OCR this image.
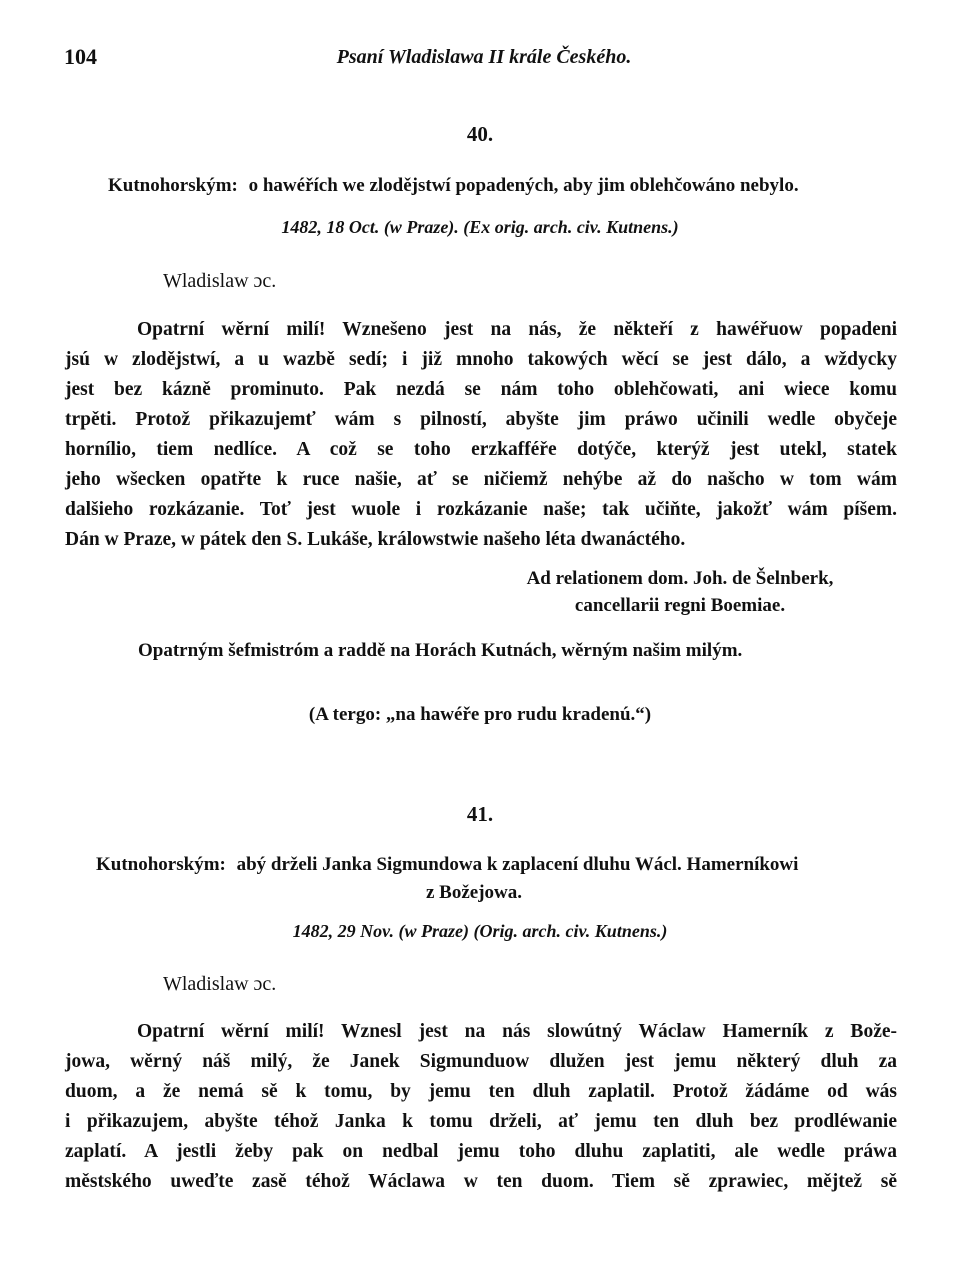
104	Psaní Wladislawa II krále Českého.
40.
Kutnohorským: o hawéřích we zlodějstwí popadených, aby jim oblehčowáno nebylo.
1482, 18 Oct. (w Praze). (Ex orig. arch. civ. Kutnens.)
Wladislaw ɔc.
Opatrní wěrní milí! Wznešeno jest na nás, že někteří z hawéřuow popadeni
jsú w zlodějstwí, a u wazbě sedí; i již mnoho takowých wěcí se jest dálo, a wždycky
jest bez kázně prominuto. Pak nezdá se nám toho oblehčowati, ani wiece komu
trpěti. Protož přikazujemť wám s pilností, abyšte jim práwo učinili wedle obyčeje
hornílio, tiem nedlíce. A což se toho erzkafféře dotýče, kterýž jest utekl, statek
jeho wšecken opatřte k ruce našie, ať se ničiemž nehýbe až do našcho w tom wám
dalšieho rozkázanie. Toť jest wuole i rozkázanie naše; tak učiňte, jakožť wám píšem.
Dán w Praze, w pátek den S. Lukáše, králowstwie našeho léta dwanáctého.
Ad relationem dom. Joh. de Šelnberk,
cancellarii regni Boemiae.
Opatrným šefmistróm a raddě na Horách Kutnách, wěrným našim milým.
(A tergo: „na hawéře pro rudu kradenú.“)
41.
Kutnohorským: abý drželi Janka Sigmundowa k zaplacení dluhu Wácl. Hamerníkowi
z Božejowa.
1482, 29 Nov. (w Praze) (Orig. arch. civ. Kutnens.)
Wladislaw ɔc.
Opatrní wěrní milí! Wznesl jest na nás slowútný Wáclaw Hamerník z Bože-
jowa, wěrný náš milý, že Janek Sigmunduow dlužen jest jemu některý dluh za
duom, a že nemá sě k tomu, by jemu ten dluh zaplatil. Protož žádáme od wás
i přikazujem, abyšte téhož Janka k tomu drželi, ať jemu ten dluh bez prodléwanie
zaplatí. A jestli žeby pak on nedbal jemu toho dluhu zaplatiti, ale wedle práwa
městského uweďte zasě téhož Wáclawa w ten duom. Tiem sě zprawiec, mějtež sě
